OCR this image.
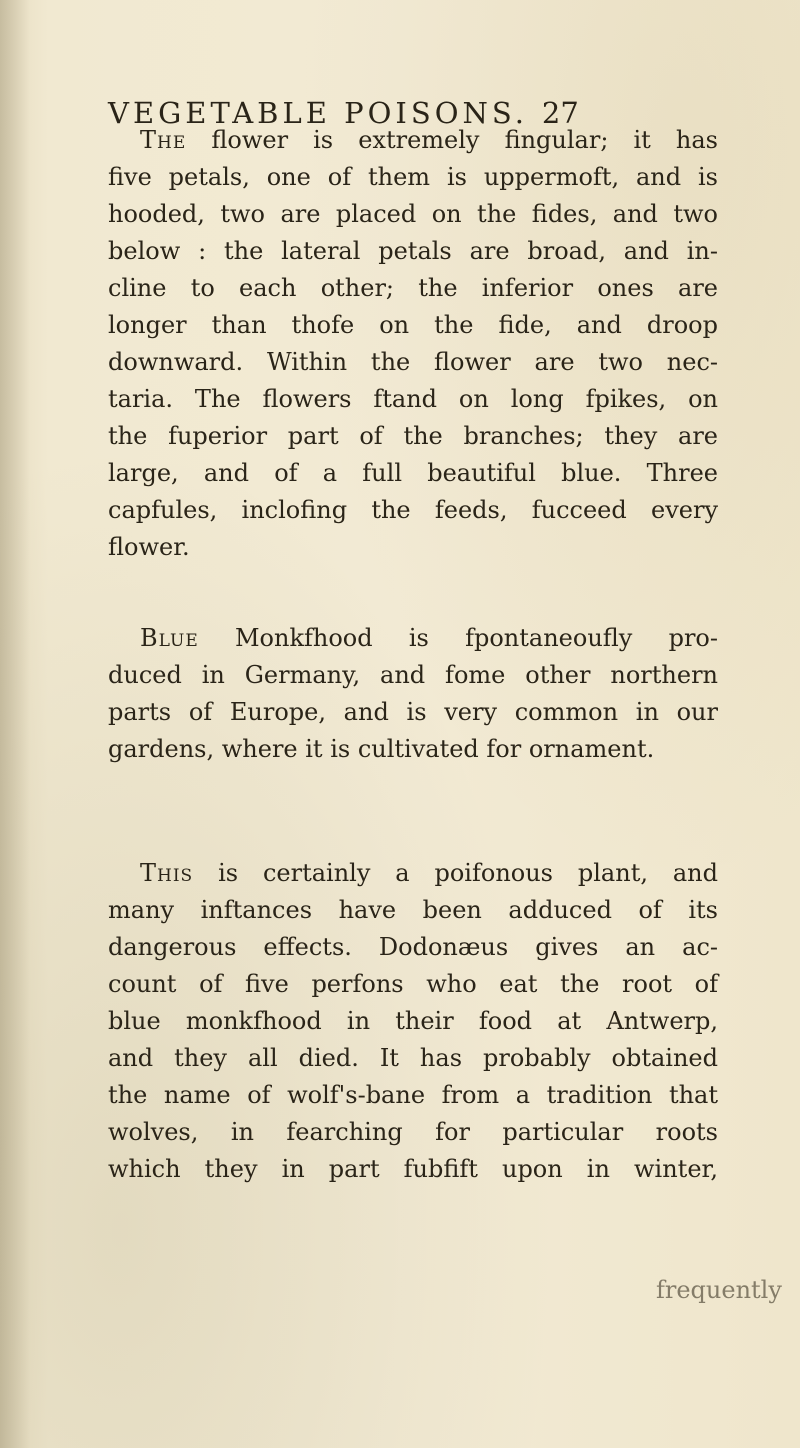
VEGETABLE POISONS. 27
The flower is extremely fingular; it has
five petals, one of them is uppermoft, and is
hooded, two are placed on the fides, and two
below : the lateral petals are broad, and in-
cline to each other; the inferior ones are
longer than thofe on the fide, and droop
downward. Within the flower are two nec-
taria. The flowers ftand on long fpikes, on
the fuperior part of the branches; they are
large, and of a full beautiful blue. Three
capfules, inclofing the feeds, fucceed every
flower.
Blue Monkfhood is fpontaneoufly pro-
duced in Germany, and fome other northern
parts of Europe, and is very common in our
gardens, where it is cultivated for ornament.
This is certainly a poifonous plant, and
many inftances have been adduced of its
dangerous effects. Dodonæus gives an ac-
count of five perfons who eat the root of
blue monkfhood in their food at Antwerp,
and they all died. It has probably obtained
the name of wolf's-bane from a tradition that
wolves, in fearching for particular roots
which they in part fubfift upon in winter,
frequently
